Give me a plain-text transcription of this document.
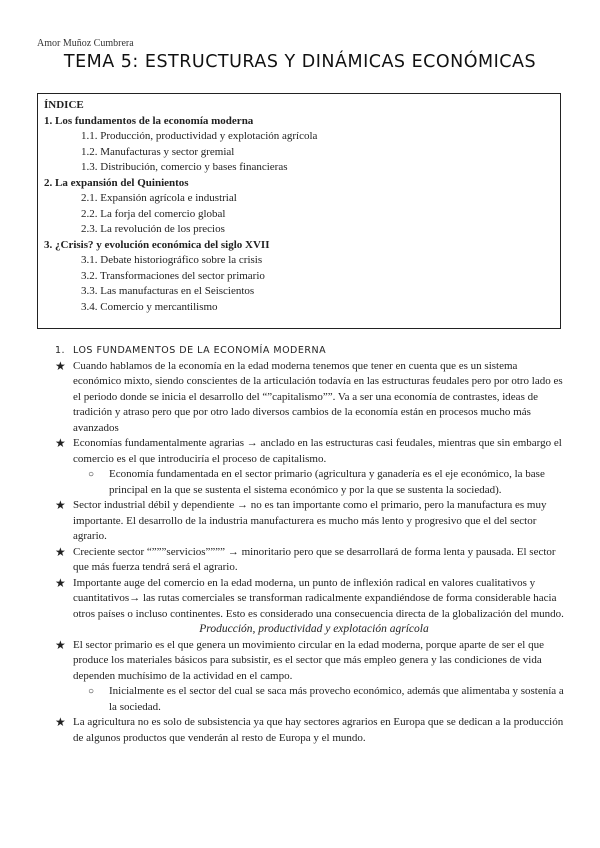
Amor Muñoz Cumbrera
TEMA 5: ESTRUCTURAS Y DINÁMICAS ECONÓMICAS
ÍNDICE
1. Los fundamentos de la economía moderna
1.1. Producción, productividad y explotación agrícola
1.2. Manufacturas y sector gremial
1.3. Distribución, comercio y bases financieras
2. La expansión del Quinientos
2.1. Expansión agrícola e industrial
2.2. La forja del comercio global
2.3. La revolución de los precios
3. ¿Crisis? y evolución económica del siglo XVII
3.1. Debate historiográfico sobre la crisis
3.2. Transformaciones del sector primario
3.3. Las manufacturas en el Seiscientos
3.4. Comercio y mercantilismo
1. LOS FUNDAMENTOS DE LA ECONOMÍA MODERNA

★ Cuando hablamos de la economía en la edad moderna tenemos que tener en cuenta que es un sistema económico mixto, siendo conscientes de la articulación todavía en las estructuras feudales pero por otro lado es el periodo donde se inicia el desarrollo del “”capitalismo””. Va a ser una economía de contrastes, ideas de tradición y atraso pero que por otro lado diversos cambios de la economía están en procesos mucho más avanzados

★ Economías fundamentalmente agrarias → anclado en las estructuras casi feudales, mientras que sin embargo el comercio es el que introduciría el proceso de capitalismo.

○ Economía fundamentada en el sector primario (agricultura y ganadería es el eje económico, la base principal en la que se sustenta el sistema económico y por la que se sustenta la sociedad).

★ Sector industrial débil y dependiente → no es tan importante como el primario, pero la manufactura es muy importante. El desarrollo de la industria manufacturera es mucho más lento y progresivo que el del sector agrario.

★ Creciente sector “”””servicios”””” → minoritario pero que se desarrollará de forma lenta y pausada. El sector que más fuerza tendrá será el agrario.

★ Importante auge del comercio en la edad moderna, un punto de inflexión radical en valores cualitativos y cuantitativos→ las rutas comerciales se transforman radicalmente expandiéndose de forma considerable hacia otros países o incluso continentes. Esto es considerado una consecuencia directa de la globalización del mundo.

Producción, productividad y explotación agrícola

★ El sector primario es el que genera un movimiento circular en la edad moderna, porque aparte de ser el que produce los materiales básicos para subsistir, es el sector que más empleo genera y las condiciones de vida dependen muchísimo de la actividad en el campo.

○ Inicialmente es el sector del cual se saca más provecho económico, además que alimentaba y sostenía a la sociedad.

★ La agricultura no es solo de subsistencia ya que hay sectores agrarios en Europa que se dedican a la producción de algunos productos que venderán al resto de Europa y el mundo.
